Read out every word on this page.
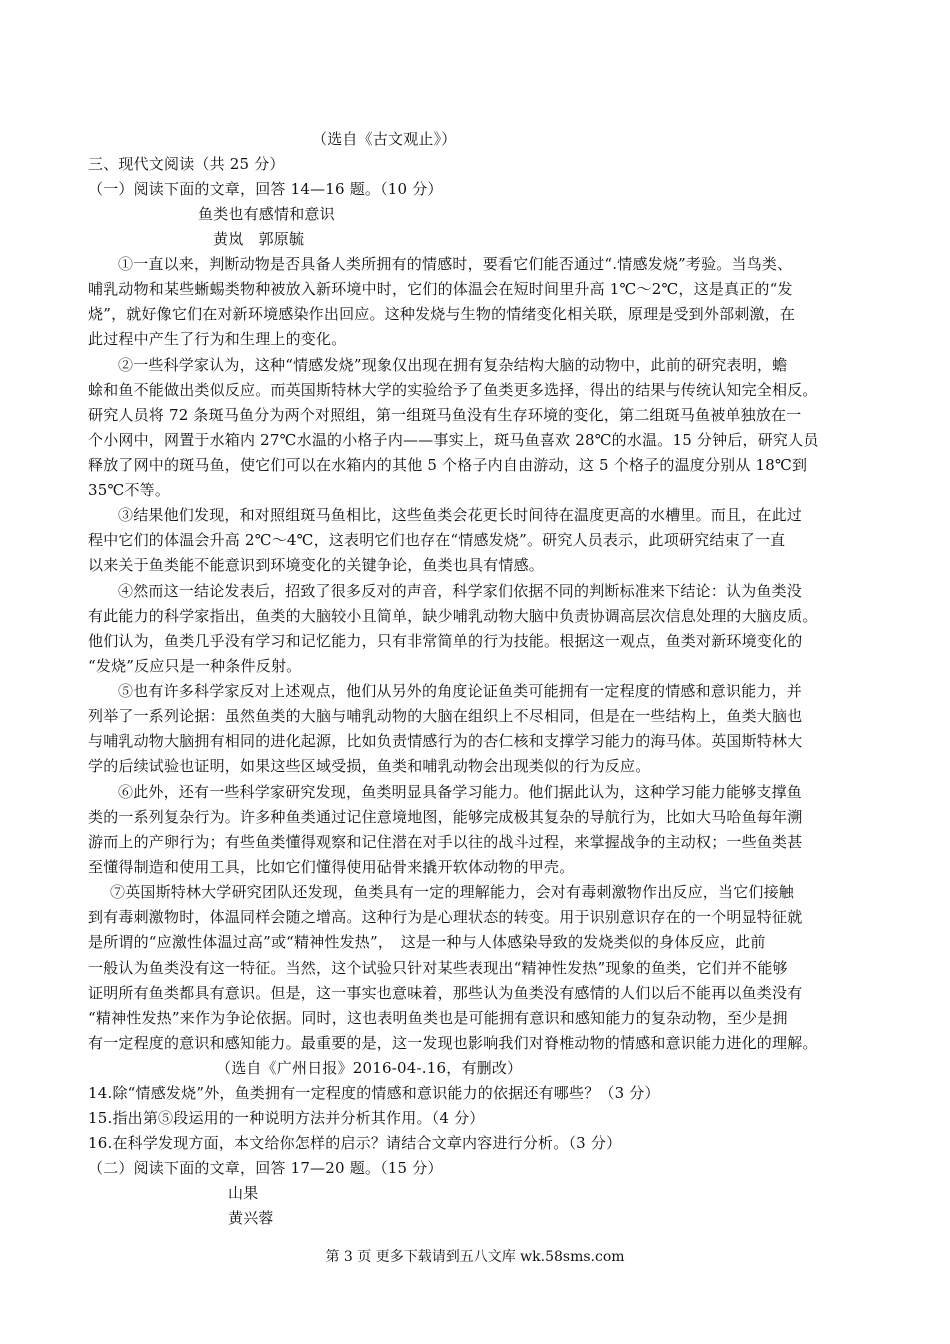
（选自《古文观止》）
三、现代文阅读（共 25 分）
（一）阅读下面的文章，回答 14—16 题。（10 分）
鱼类也有感情和意识
黄岚　郭原毓
①一直以来，判断动物是否具备人类所拥有的情感时，要看它们能否通过“.情感发烧”考验。当鸟类、
哺乳动物和某些蜥蜴类物种被放入新环境中时，它们的体温会在短时间里升高 1℃～2℃，这是真正的“发
烧”，就好像它们在对新环境感染作出回应。这种发烧与生物的情绪变化相关联，原理是受到外部刺激，在
此过程中产生了行为和生理上的变化。
②一些科学家认为，这种“情感发烧”现象仅出现在拥有复杂结构大脑的动物中，此前的研究表明，蟾
蜍和鱼不能做出类似反应。而英国斯特林大学的实验给予了鱼类更多选择，得出的结果与传统认知完全相反。
研究人员将 72 条斑马鱼分为两个对照组，第一组斑马鱼没有生存环境的变化，第二组斑马鱼被单独放在一
个小网中，网置于水箱内 27℃水温的小格子内——事实上，斑马鱼喜欢 28℃的水温。15 分钟后，研究人员
释放了网中的斑马鱼，使它们可以在水箱内的其他 5 个格子内自由游动，这 5 个格子的温度分别从 18℃到
35℃不等。
③结果他们发现，和对照组斑马鱼相比，这些鱼类会花更长时间待在温度更高的水槽里。而且，在此过
程中它们的体温会升高 2℃～4℃，这表明它们也存在“情感发烧”。研究人员表示，此项研究结束了一直
以来关于鱼类能不能意识到环境变化的关键争论，鱼类也具有情感。
④然而这一结论发表后，招致了很多反对的声音，科学家们依据不同的判断标准来下结论：认为鱼类没
有此能力的科学家指出，鱼类的大脑较小且简单，缺少哺乳动物大脑中负责协调高层次信息处理的大脑皮质。
他们认为，鱼类几乎没有学习和记忆能力，只有非常简单的行为技能。根据这一观点，鱼类对新环境变化的
“发烧”反应只是一种条件反射。
⑤也有许多科学家反对上述观点，他们从另外的角度论证鱼类可能拥有一定程度的情感和意识能力，并
列举了一系列论据：虽然鱼类的大脑与哺乳动物的大脑在组织上不尽相同，但是在一些结构上，鱼类大脑也
与哺乳动物大脑拥有相同的进化起源，比如负责情感行为的杏仁核和支撑学习能力的海马体。英国斯特林大
学的后续试验也证明，如果这些区域受损，鱼类和哺乳动物会出现类似的行为反应。
⑥此外，还有一些科学家研究发现，鱼类明显具备学习能力。他们据此认为，这种学习能力能够支撑鱼
类的一系列复杂行为。许多种鱼类通过记住意境地图，能够完成极其复杂的导航行为，比如大马哈鱼每年溯
游而上的产卵行为；有些鱼类懂得观察和记住潜在对手以往的战斗过程，来掌握战争的主动权；一些鱼类甚
至懂得制造和使用工具，比如它们懂得使用砧骨来撬开软体动物的甲壳。
⑦英国斯特林大学研究团队还发现，鱼类具有一定的理解能力，会对有毒刺激物作出反应，当它们接触
到有毒刺激物时，体温同样会随之增高。这种行为是心理状态的转变。用于识别意识存在的一个明显特征就
是所谓的“应激性体温过高”或“精神性发热”，　这是一种与人体感染导致的发烧类似的身体反应，此前
一般认为鱼类没有这一特征。当然，这个试验只针对某些表现出“精神性发热”现象的鱼类，它们并不能够
证明所有鱼类都具有意识。但是，这一事实也意味着，那些认为鱼类没有感情的人们以后不能再以鱼类没有
“精神性发热”来作为争论依据。同时，这也表明鱼类也是可能拥有意识和感知能力的复杂动物，至少是拥
有一定程度的意识和感知能力。最重要的是，这一发现也影响我们对脊椎动物的情感和意识能力进化的理解。
（选自《广州日报》2016-04-.16，有删改）
14.除“情感发烧”外，鱼类拥有一定程度的情感和意识能力的依据还有哪些？（3 分）
15.指出第⑤段运用的一种说明方法并分析其作用。（4 分）
16.在科学发现方面，本文给你怎样的启示？请结合文章内容进行分析。（3 分）
（二）阅读下面的文章，回答 17—20 题。（15 分）
山果
黄兴蓉
第 3 页 更多下载请到五八文库 wk.58sms.com
